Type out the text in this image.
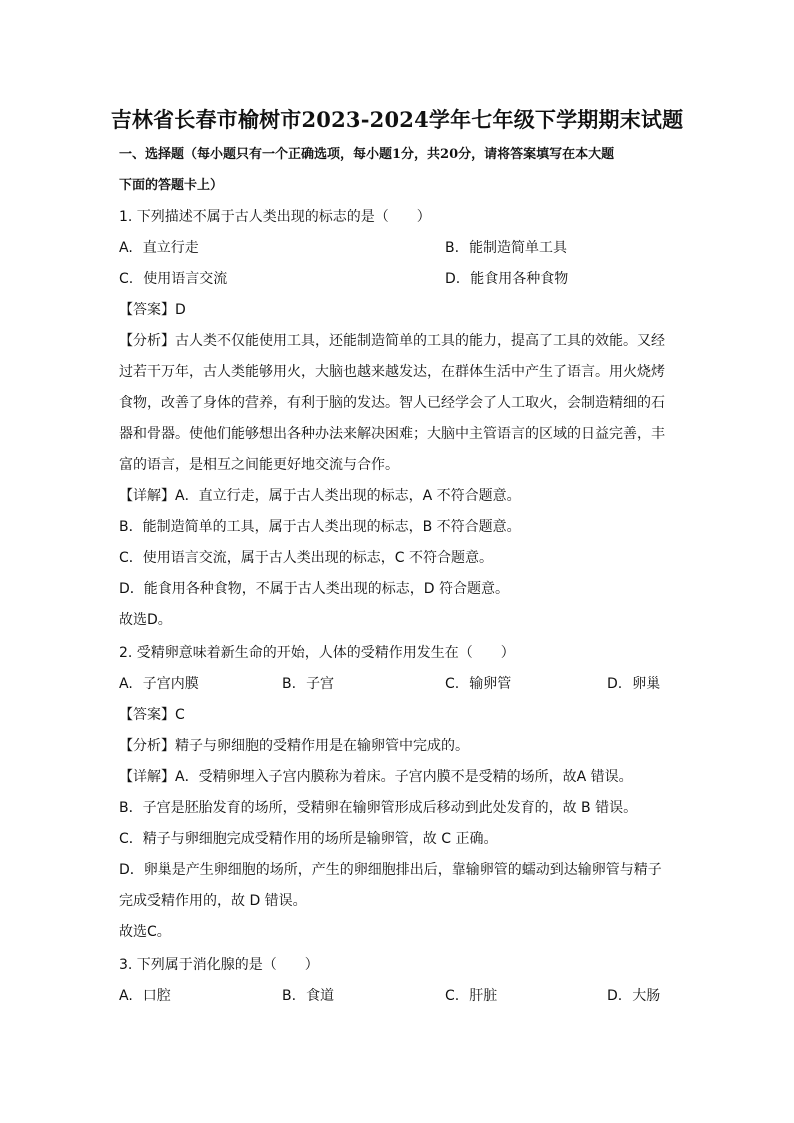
吉林省长春市榆树市2023-2024学年七年级下学期期末试题
一、选择题（每小题只有一个正确选项，每小题1分，共20分，请将答案填写在本大题
下面的答题卡上）
1. 下列描述不属于古人类出现的标志的是（　　）
A. 直立行走	B. 能制造简单工具
C. 使用语言交流	D. 能食用各种食物
【答案】D
【分析】古人类不仅能使用工具，还能制造简单的工具的能力，提高了工具的效能。又经
过若干万年，古人类能够用火，大脑也越来越发达，在群体生活中产生了语言。用火烧烤
食物，改善了身体的营养，有利于脑的发达。智人已经学会了人工取火，会制造精细的石
器和骨器。使他们能够想出各种办法来解决困难；大脑中主管语言的区域的日益完善，丰
富的语言，是相互之间能更好地交流与合作。
【详解】A．直立行走，属于古人类出现的标志，A 不符合题意。
B．能制造简单的工具，属于古人类出现的标志，B 不符合题意。
C．使用语言交流，属于古人类出现的标志，C 不符合题意。
D．能食用各种食物，不属于古人类出现的标志，D 符合题意。
故选D。
2. 受精卵意味着新生命的开始，人体的受精作用发生在（　　）
A. 子宫内膜	B. 子宫	C. 输卵管	D. 卵巢
【答案】C
【分析】精子与卵细胞的受精作用是在输卵管中完成的。
【详解】A．受精卵埋入子宫内膜称为着床。子宫内膜不是受精的场所，故A 错误。
B．子宫是胚胎发育的场所，受精卵在输卵管形成后移动到此处发育的，故 B 错误。
C．精子与卵细胞完成受精作用的场所是输卵管，故 C 正确。
D．卵巢是产生卵细胞的场所，产生的卵细胞排出后，靠输卵管的蠕动到达输卵管与精子
完成受精作用的，故 D 错误。
故选C。
3. 下列属于消化腺的是（　　）
A. 口腔	B. 食道	C. 肝脏	D. 大肠
